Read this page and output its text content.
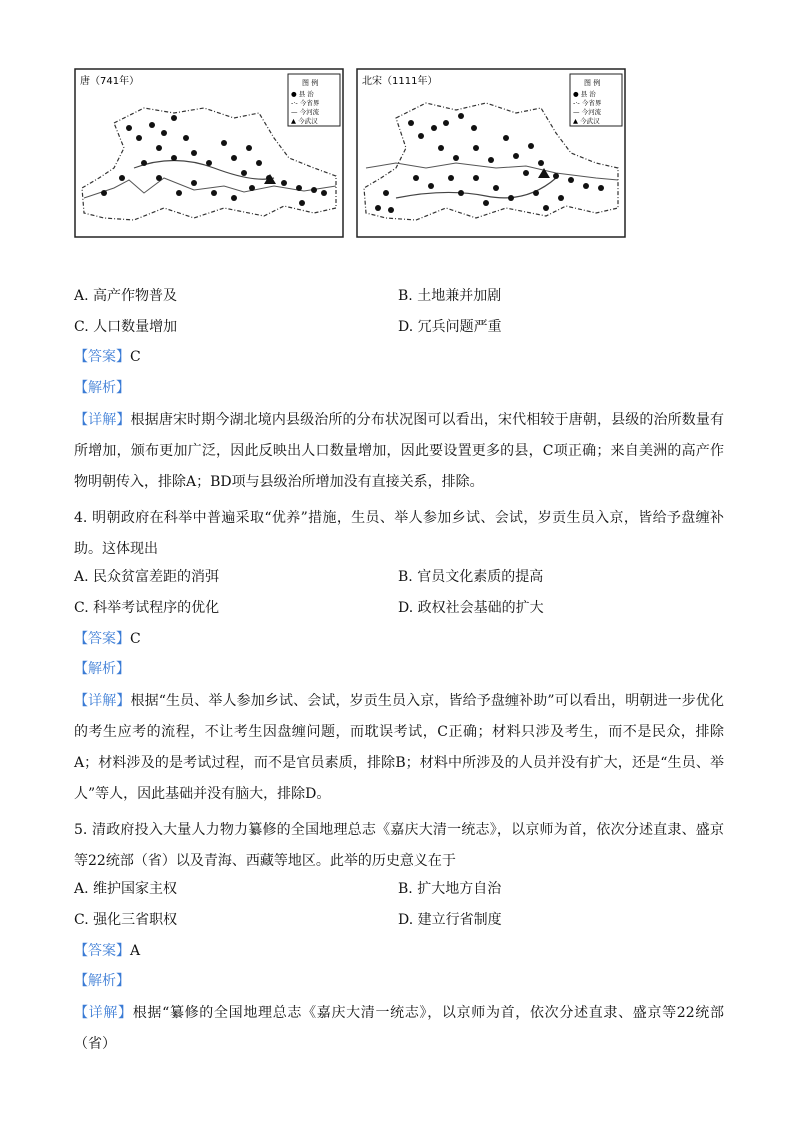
唐（741年）	图 例
● 县 治
-·- 今省界
— 今河流
▲ 今武汉
北宋（1111年）	图 例
● 县 治
-·- 今省界
— 今河流
▲ 今武汉
A. 高产作物普及	B. 土地兼并加剧
C. 人口数量增加	D. 冗兵问题严重
【答案】C
【解析】
【详解】根据唐宋时期今湖北境内县级治所的分布状况图可以看出，宋代相较于唐朝，县级的治所数量有所增加，颁布更加广泛，因此反映出人口数量增加，因此要设置更多的县，C项正确；来自美洲的高产作物明朝传入，排除A；BD项与县级治所增加没有直接关系，排除。
4. 明朝政府在科举中普遍采取“优养”措施，生员、举人参加乡试、会试，岁贡生员入京，皆给予盘缠补助。这体现出
A. 民众贫富差距的消弭	B. 官员文化素质的提高
C. 科举考试程序的优化	D. 政权社会基础的扩大
【答案】C
【解析】
【详解】根据“生员、举人参加乡试、会试，岁贡生员入京，皆给予盘缠补助”可以看出，明朝进一步优化的考生应考的流程，不让考生因盘缠问题，而耽误考试，C正确；材料只涉及考生，而不是民众，排除A；材料涉及的是考试过程，而不是官员素质，排除B；材料中所涉及的人员并没有扩大，还是“生员、举人”等人，因此基础并没有脑大，排除D。
5. 清政府投入大量人力物力纂修的全国地理总志《嘉庆大清一统志》，以京师为首，依次分述直隶、盛京等22统部（省）以及青海、西藏等地区。此举的历史意义在于
A. 维护国家主权	B. 扩大地方自治
C. 强化三省职权	D. 建立行省制度
【答案】A
【解析】
【详解】根据“纂修的全国地理总志《嘉庆大清一统志》，以京师为首，依次分述直隶、盛京等22统部（省）
